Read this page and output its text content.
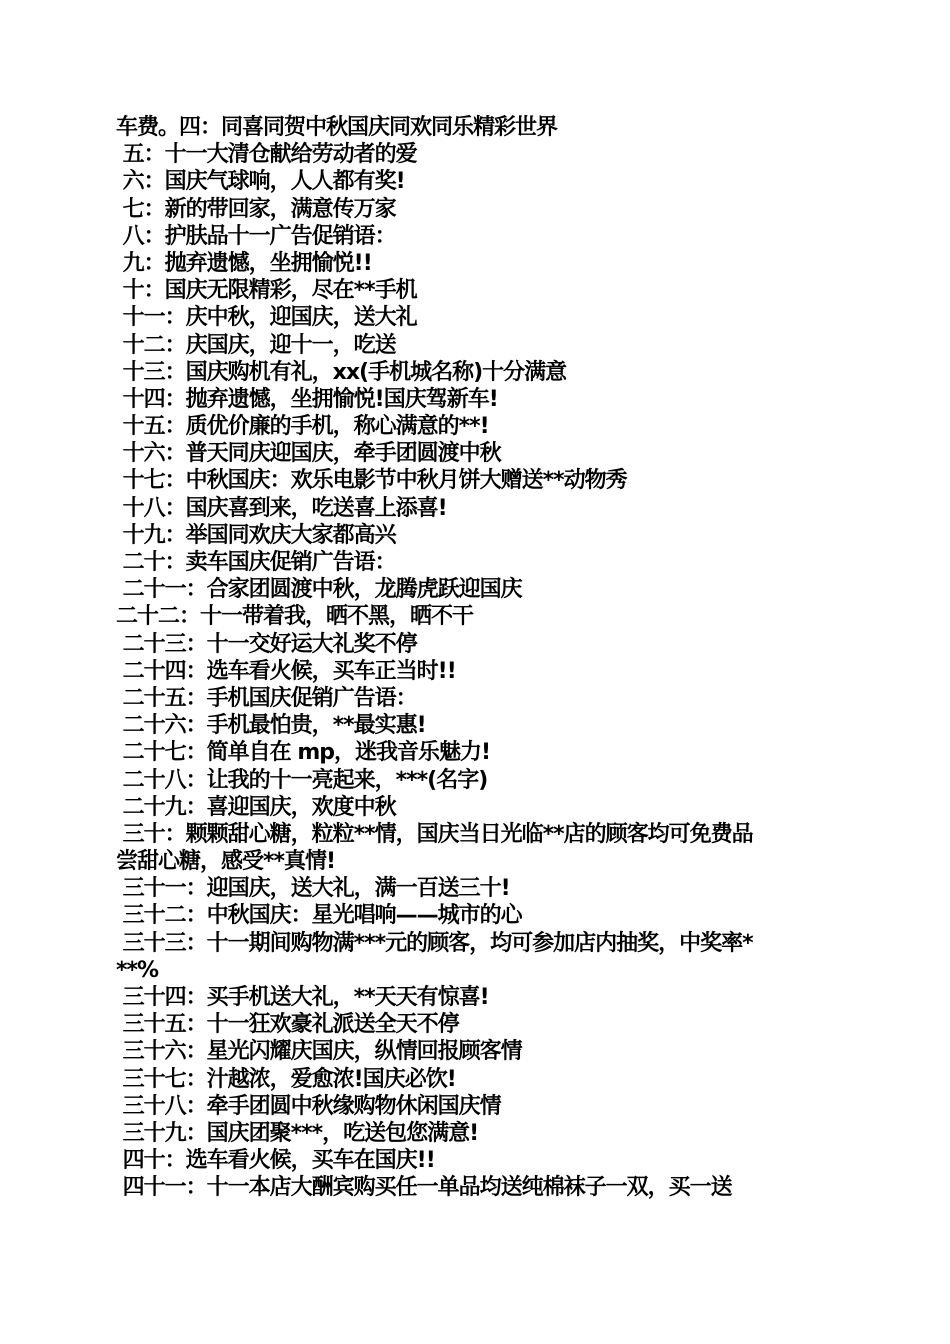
车费。四：同喜同贺中秋国庆同欢同乐精彩世界

五：十一大清仓献给劳动者的爱

六：国庆气球响，人人都有奖!

七：新的带回家，满意传万家

八：护肤品十一广告促销语：

九：抛弃遗憾，坐拥愉悦!!

十：国庆无限精彩，尽在**手机

十一：庆中秋，迎国庆，送大礼

十二：庆国庆，迎十一，吃送

十三：国庆购机有礼，xx(手机城名称)十分满意

十四：抛弃遗憾，坐拥愉悦!国庆驾新车!

十五：质优价廉的手机，称心满意的**!

十六：普天同庆迎国庆，牵手团圆渡中秋

十七：中秋国庆：欢乐电影节中秋月饼大赠送**动物秀

十八：国庆喜到来，吃送喜上添喜!

十九：举国同欢庆大家都高兴

二十：卖车国庆促销广告语：

二十一：合家团圆渡中秋，龙腾虎跃迎国庆

二十二：十一带着我，晒不黑，晒不干

二十三：十一交好运大礼奖不停

二十四：选车看火候，买车正当时!!

二十五：手机国庆促销广告语：

二十六：手机最怕贵，**最实惠!

二十七：简单自在 mp，迷我音乐魅力!

二十八：让我的十一亮起来，***(名字)

二十九：喜迎国庆，欢度中秋

三十：颗颗甜心糖，粒粒**情，国庆当日光临**店的顾客均可免费品

尝甜心糖，感受**真情!

三十一：迎国庆，送大礼，满一百送三十!

三十二：中秋国庆：星光唱响——城市的心

三十三：十一期间购物满***元的顾客，均可参加店内抽奖，中奖率*

**%

三十四：买手机送大礼，**天天有惊喜!

三十五：十一狂欢豪礼派送全天不停

三十六：星光闪耀庆国庆，纵情回报顾客情

三十七：汁越浓，爱愈浓!国庆必饮!

三十八：牵手团圆中秋缘购物休闲国庆情

三十九：国庆团聚***，吃送包您满意!

四十：选车看火候，买车在国庆!!

四十一：十一本店大酬宾购买任一单品均送纯棉袜子一双，买一送
